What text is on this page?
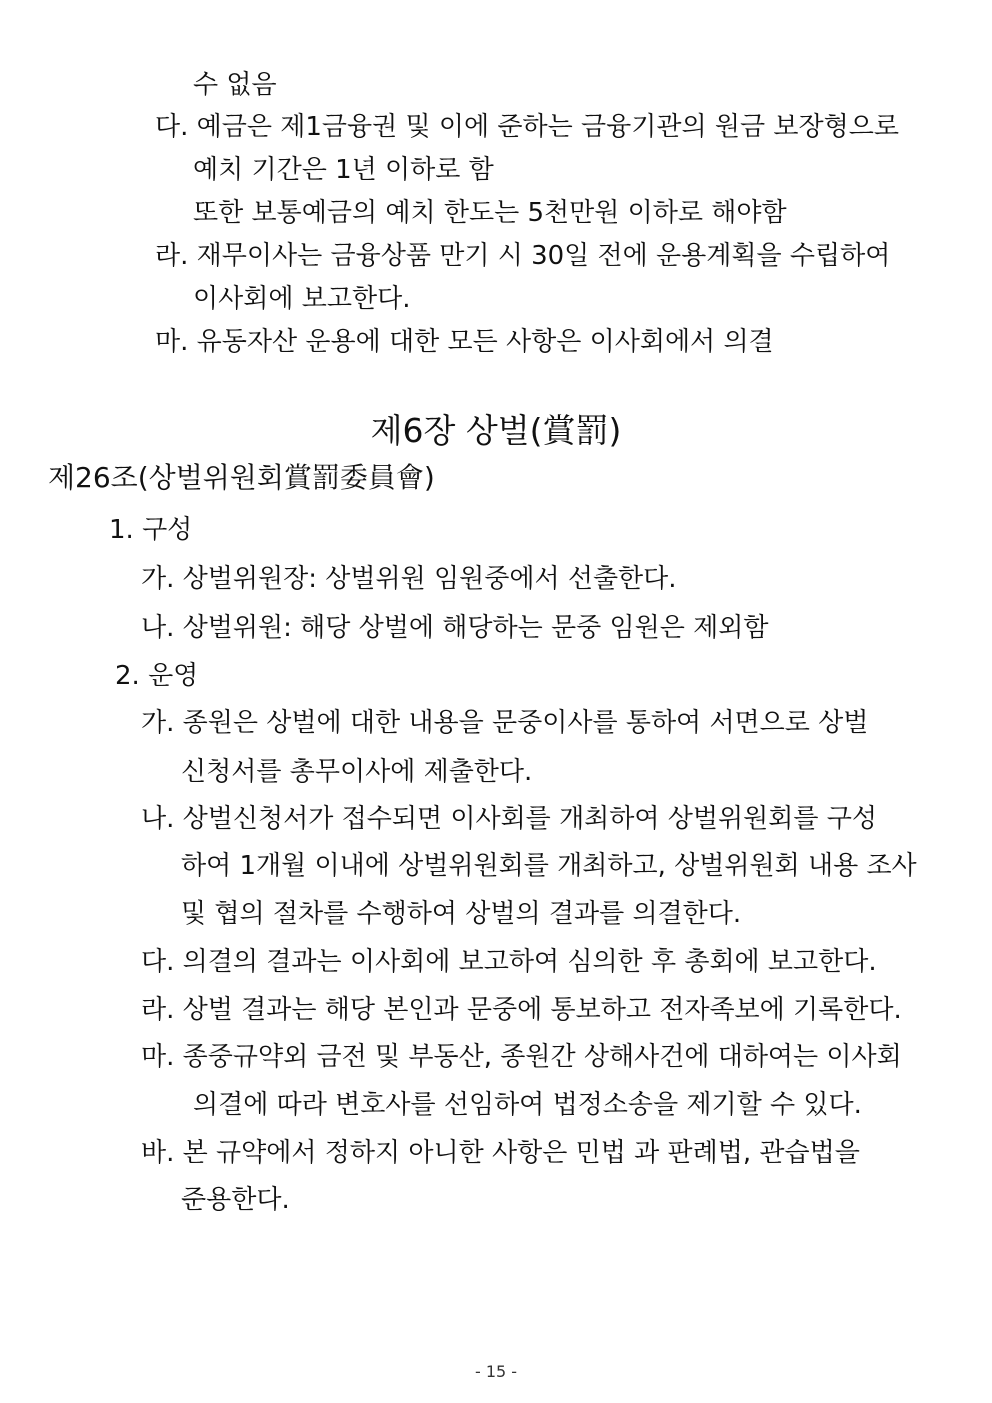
수 없음
다. 예금은 제1금융권 및 이에 준하는 금융기관의 원금 보장형으로
예치 기간은 1년 이하로 함
또한 보통예금의 예치 한도는 5천만원 이하로 해야함
라. 재무이사는 금융상품 만기 시 30일 전에 운용계획을 수립하여
이사회에 보고한다.
마. 유동자산 운용에 대한 모든 사항은 이사회에서 의결
제6장 상벌(賞罰)
제26조(상벌위원회賞罰委員會)
1. 구성
가. 상벌위원장: 상벌위원 임원중에서 선출한다.
나. 상벌위원: 해당 상벌에 해당하는 문중 임원은 제외함
2. 운영
가. 종원은 상벌에 대한 내용을 문중이사를 통하여 서면으로 상벌
신청서를 총무이사에 제출한다.
나. 상벌신청서가 접수되면 이사회를 개최하여 상벌위원회를 구성
하여 1개월 이내에 상벌위원회를 개최하고, 상벌위원회 내용 조사
및 협의 절차를 수행하여 상벌의 결과를 의결한다.
다. 의결의 결과는 이사회에 보고하여 심의한 후 총회에 보고한다.
라. 상벌 결과는 해당 본인과 문중에 통보하고 전자족보에 기록한다.
마. 종중규약외 금전 및 부동산, 종원간 상해사건에 대하여는 이사회
의결에 따라 변호사를 선임하여 법정소송을 제기할 수 있다.
바. 본 규약에서 정하지 아니한 사항은 민법 과 판례법, 관습법을
준용한다.
- 15 -
